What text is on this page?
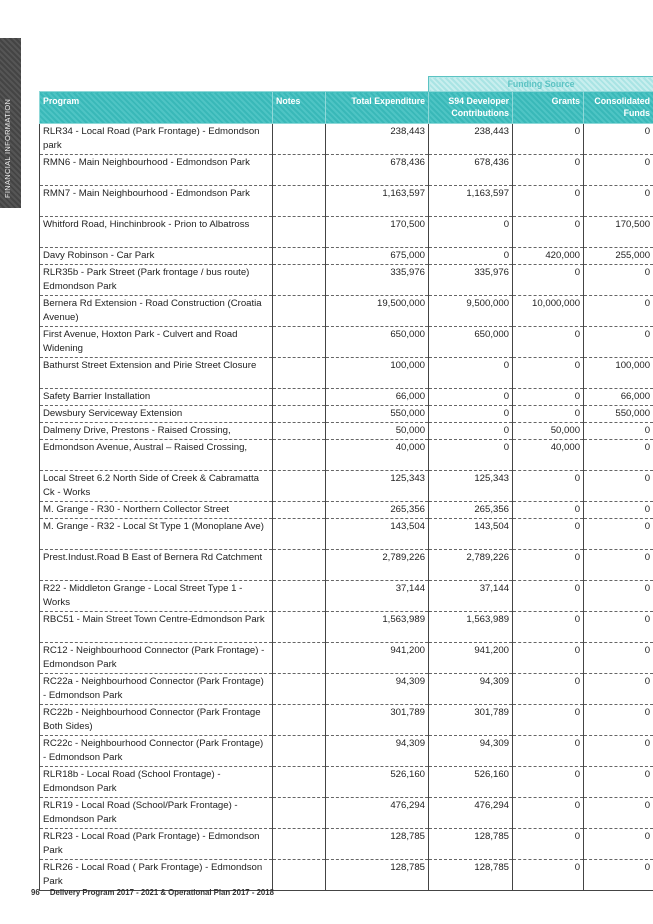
FINANCIAL INFORMATION
			Funding Source		
Program	Notes	Total Expenditure	S94 Developer Contributions	Grants	Consolidated Funds
RLR34 - Local Road (Park Frontage) - Edmondson park		238,443	238,443	0	0
RMN6 - Main Neighbourhood - Edmondson Park		678,436	678,436	0	0
RMN7 - Main Neighbourhood - Edmondson Park		1,163,597	1,163,597	0	0
Whitford Road, Hinchinbrook - Prion to Albatross		170,500	0	0	170,500
Davy Robinson - Car Park		675,000	0	420,000	255,000
RLR35b - Park Street (Park frontage / bus route) Edmondson Park		335,976	335,976	0	0
Bernera Rd Extension - Road Construction (Croatia Avenue)		19,500,000	9,500,000	10,000,000	0
First Avenue, Hoxton Park - Culvert and Road Widening		650,000	650,000	0	0
Bathurst Street Extension and Pirie Street Closure		100,000	0	0	100,000
Safety Barrier Installation		66,000	0	0	66,000
Dewsbury Serviceway Extension		550,000	0	0	550,000
Dalmeny Drive, Prestons - Raised Crossing,		50,000	0	50,000	0
Edmondson Avenue, Austral – Raised Crossing,		40,000	0	40,000	0
Local Street 6.2 North Side of Creek & Cabramatta Ck - Works		125,343	125,343	0	0
M. Grange - R30 - Northern Collector Street		265,356	265,356	0	0
M. Grange - R32 - Local St Type 1 (Monoplane Ave)		143,504	143,504	0	0
Prest.Indust.Road B East of Bernera Rd Catchment		2,789,226	2,789,226	0	0
R22 - Middleton Grange - Local Street Type 1 - Works		37,144	37,144	0	0
RBC51 - Main Street Town Centre-Edmondson Park		1,563,989	1,563,989	0	0
RC12 - Neighbourhood Connector (Park Frontage) - Edmondson Park		941,200	941,200	0	0
RC22a - Neighbourhood Connector (Park Frontage) - Edmondson Park		94,309	94,309	0	0
RC22b - Neighbourhood Connector (Park Frontage Both Sides)		301,789	301,789	0	0
RC22c - Neighbourhood Connector (Park Frontage) - Edmondson Park		94,309	94,309	0	0
RLR18b - Local Road (School Frontage) - Edmondson Park		526,160	526,160	0	0
RLR19 - Local Road (School/Park Frontage) - Edmondson Park		476,294	476,294	0	0
RLR23 - Local Road (Park Frontage) - Edmondson Park		128,785	128,785	0	0
RLR26 - Local Road ( Park Frontage) - Edmondson Park		128,785	128,785	0	0
96 Delivery Program 2017 - 2021 & Operational Plan 2017 - 2018
